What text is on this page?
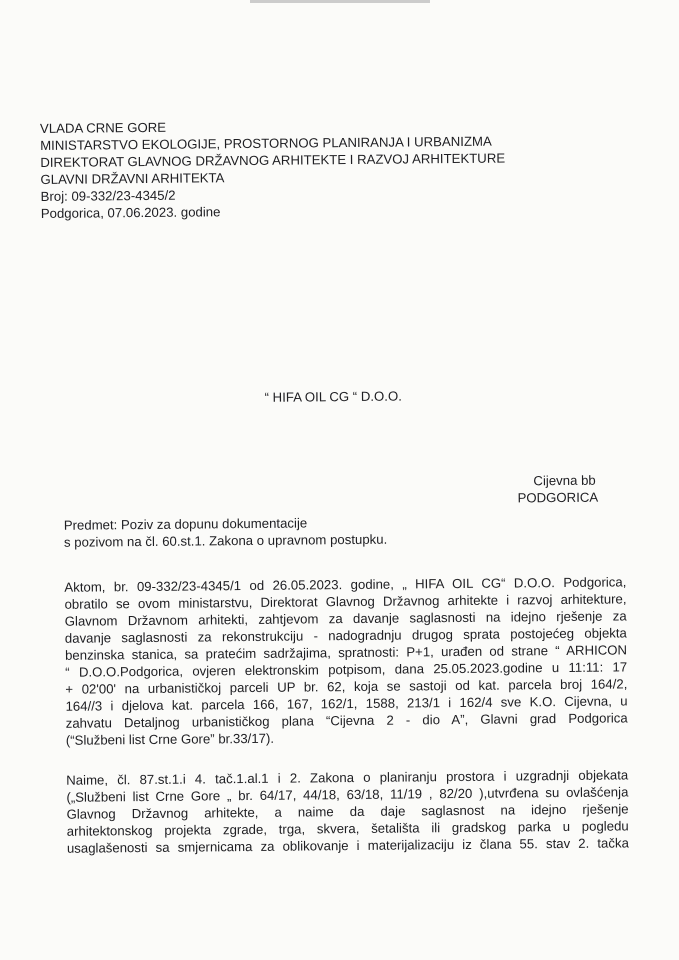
VLADA CRNE GORE
MINISTARSTVO EKOLOGIJE, PROSTORNOG PLANIRANJA I URBANIZMA
DIREKTORAT GLAVNOG DRŽAVNOG ARHITEKTE I RAZVOJ ARHITEKTURE
GLAVNI DRŽAVNI ARHITEKTA
Broj: 09-332/23-4345/2
Podgorica, 07.06.2023. godine
“ HIFA OIL CG “ D.O.O.
Cijevna bb
PODGORICA
Predmet: Poziv za dopunu dokumentacije
s pozivom na čl. 60.st.1. Zakona o upravnom postupku.
Aktom, br. 09-332/23-4345/1 od 26.05.2023. godine, „ HIFA OIL CG“ D.O.O. Podgorica,
obratilo se ovom ministarstvu, Direktorat Glavnog Državnog arhitekte i razvoj arhitekture,
Glavnom Državnom arhitekti, zahtjevom za davanje saglasnosti na idejno rješenje za
davanje saglasnosti za rekonstrukciju - nadogradnju drugog sprata postojećeg objekta
benzinska stanica, sa pratećim sadržajima, spratnosti: P+1, urađen od strane “ ARHICON
“ D.O.O.Podgorica, ovjeren elektronskim potpisom, dana 25.05.2023.godine u 11:11: 17
+ 02'00' na urbanističkoj parceli UP br. 62, koja se sastoji od kat. parcela broj 164/2,
164//3 i djelova kat. parcela 166, 167, 162/1, 1588, 213/1 i 162/4 sve K.O. Cijevna, u
zahvatu Detaljnog urbanističkog plana “Cijevna 2 - dio A”, Glavni grad Podgorica
(“Službeni list Crne Gore” br.33/17).
Naime, čl. 87.st.1.i 4. tač.1.al.1 i 2. Zakona o planiranju prostora i uzgradnji objekata
(„Službeni list Crne Gore „ br. 64/17, 44/18, 63/18, 11/19 , 82/20 ),utvrđena su ovlašćenja
Glavnog Državnog arhitekte, a naime da daje saglasnost na idejno rješenje
arhitektonskog projekta zgrade, trga, skvera, šetališta ili gradskog parka u pogledu
usaglašenosti sa smjernicama za oblikovanje i materijalizaciju iz člana 55. stav 2. tačka
